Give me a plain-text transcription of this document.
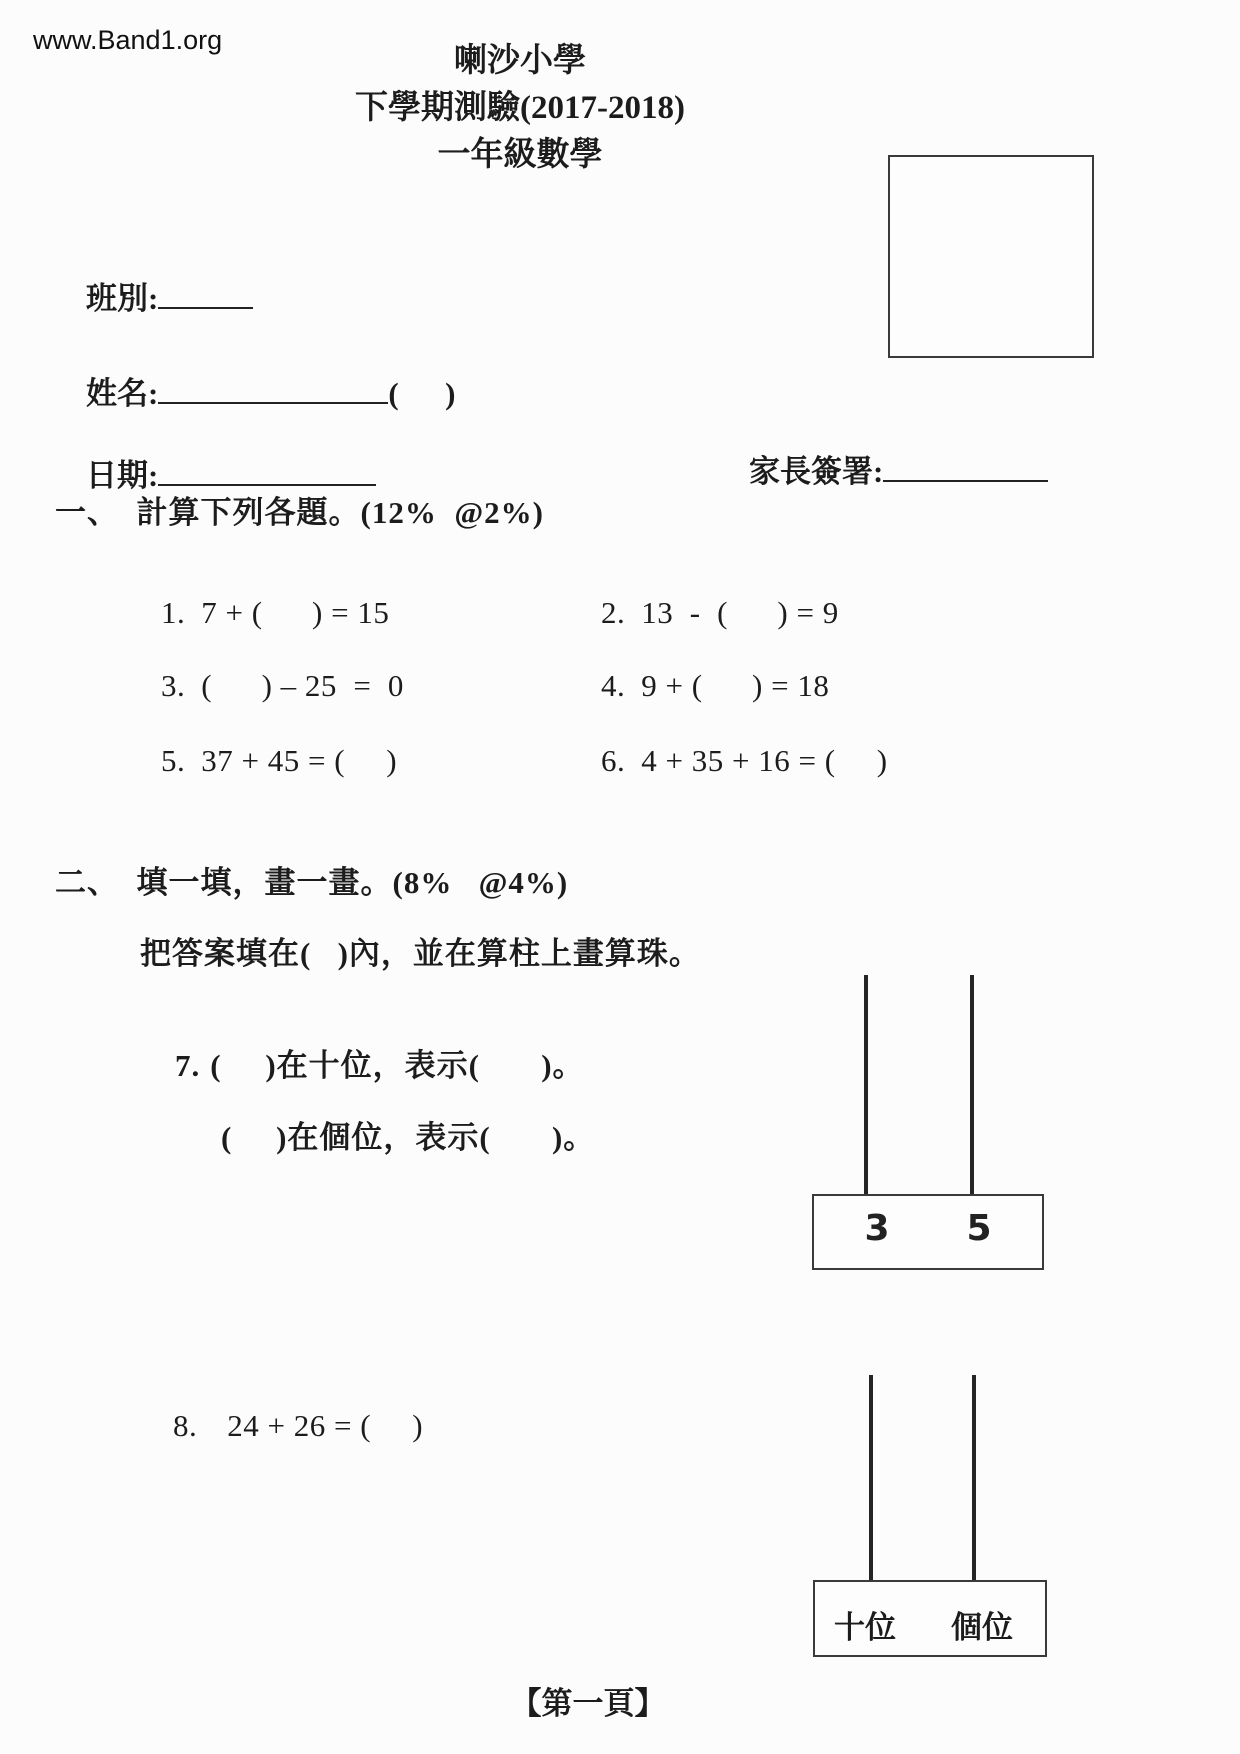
www.Band1.org
喇沙小學
下學期測驗(2017-2018)
一年級數學

班別:

姓名:	(      )

日期:
	家長簽署:

一、  計算下列各題。(12%  @2%)

1. 7 + (      ) = 15
	2. 13  -  (      ) = 9

3. (      ) – 25  =  0
	4. 9 + (      ) = 18

5. 37 + 45 = (     )
	6. 4 + 35 + 16 = (     )

二、  填一填，畫一畫。(8%   @4%)
把答案填在(   )內，並在算柱上畫算珠。

7. (     )在十位，表示(       )。

(     )在個位，表示(       )。

3 5

8. 24 + 26 = (     )

十位 個位
【第一頁】
